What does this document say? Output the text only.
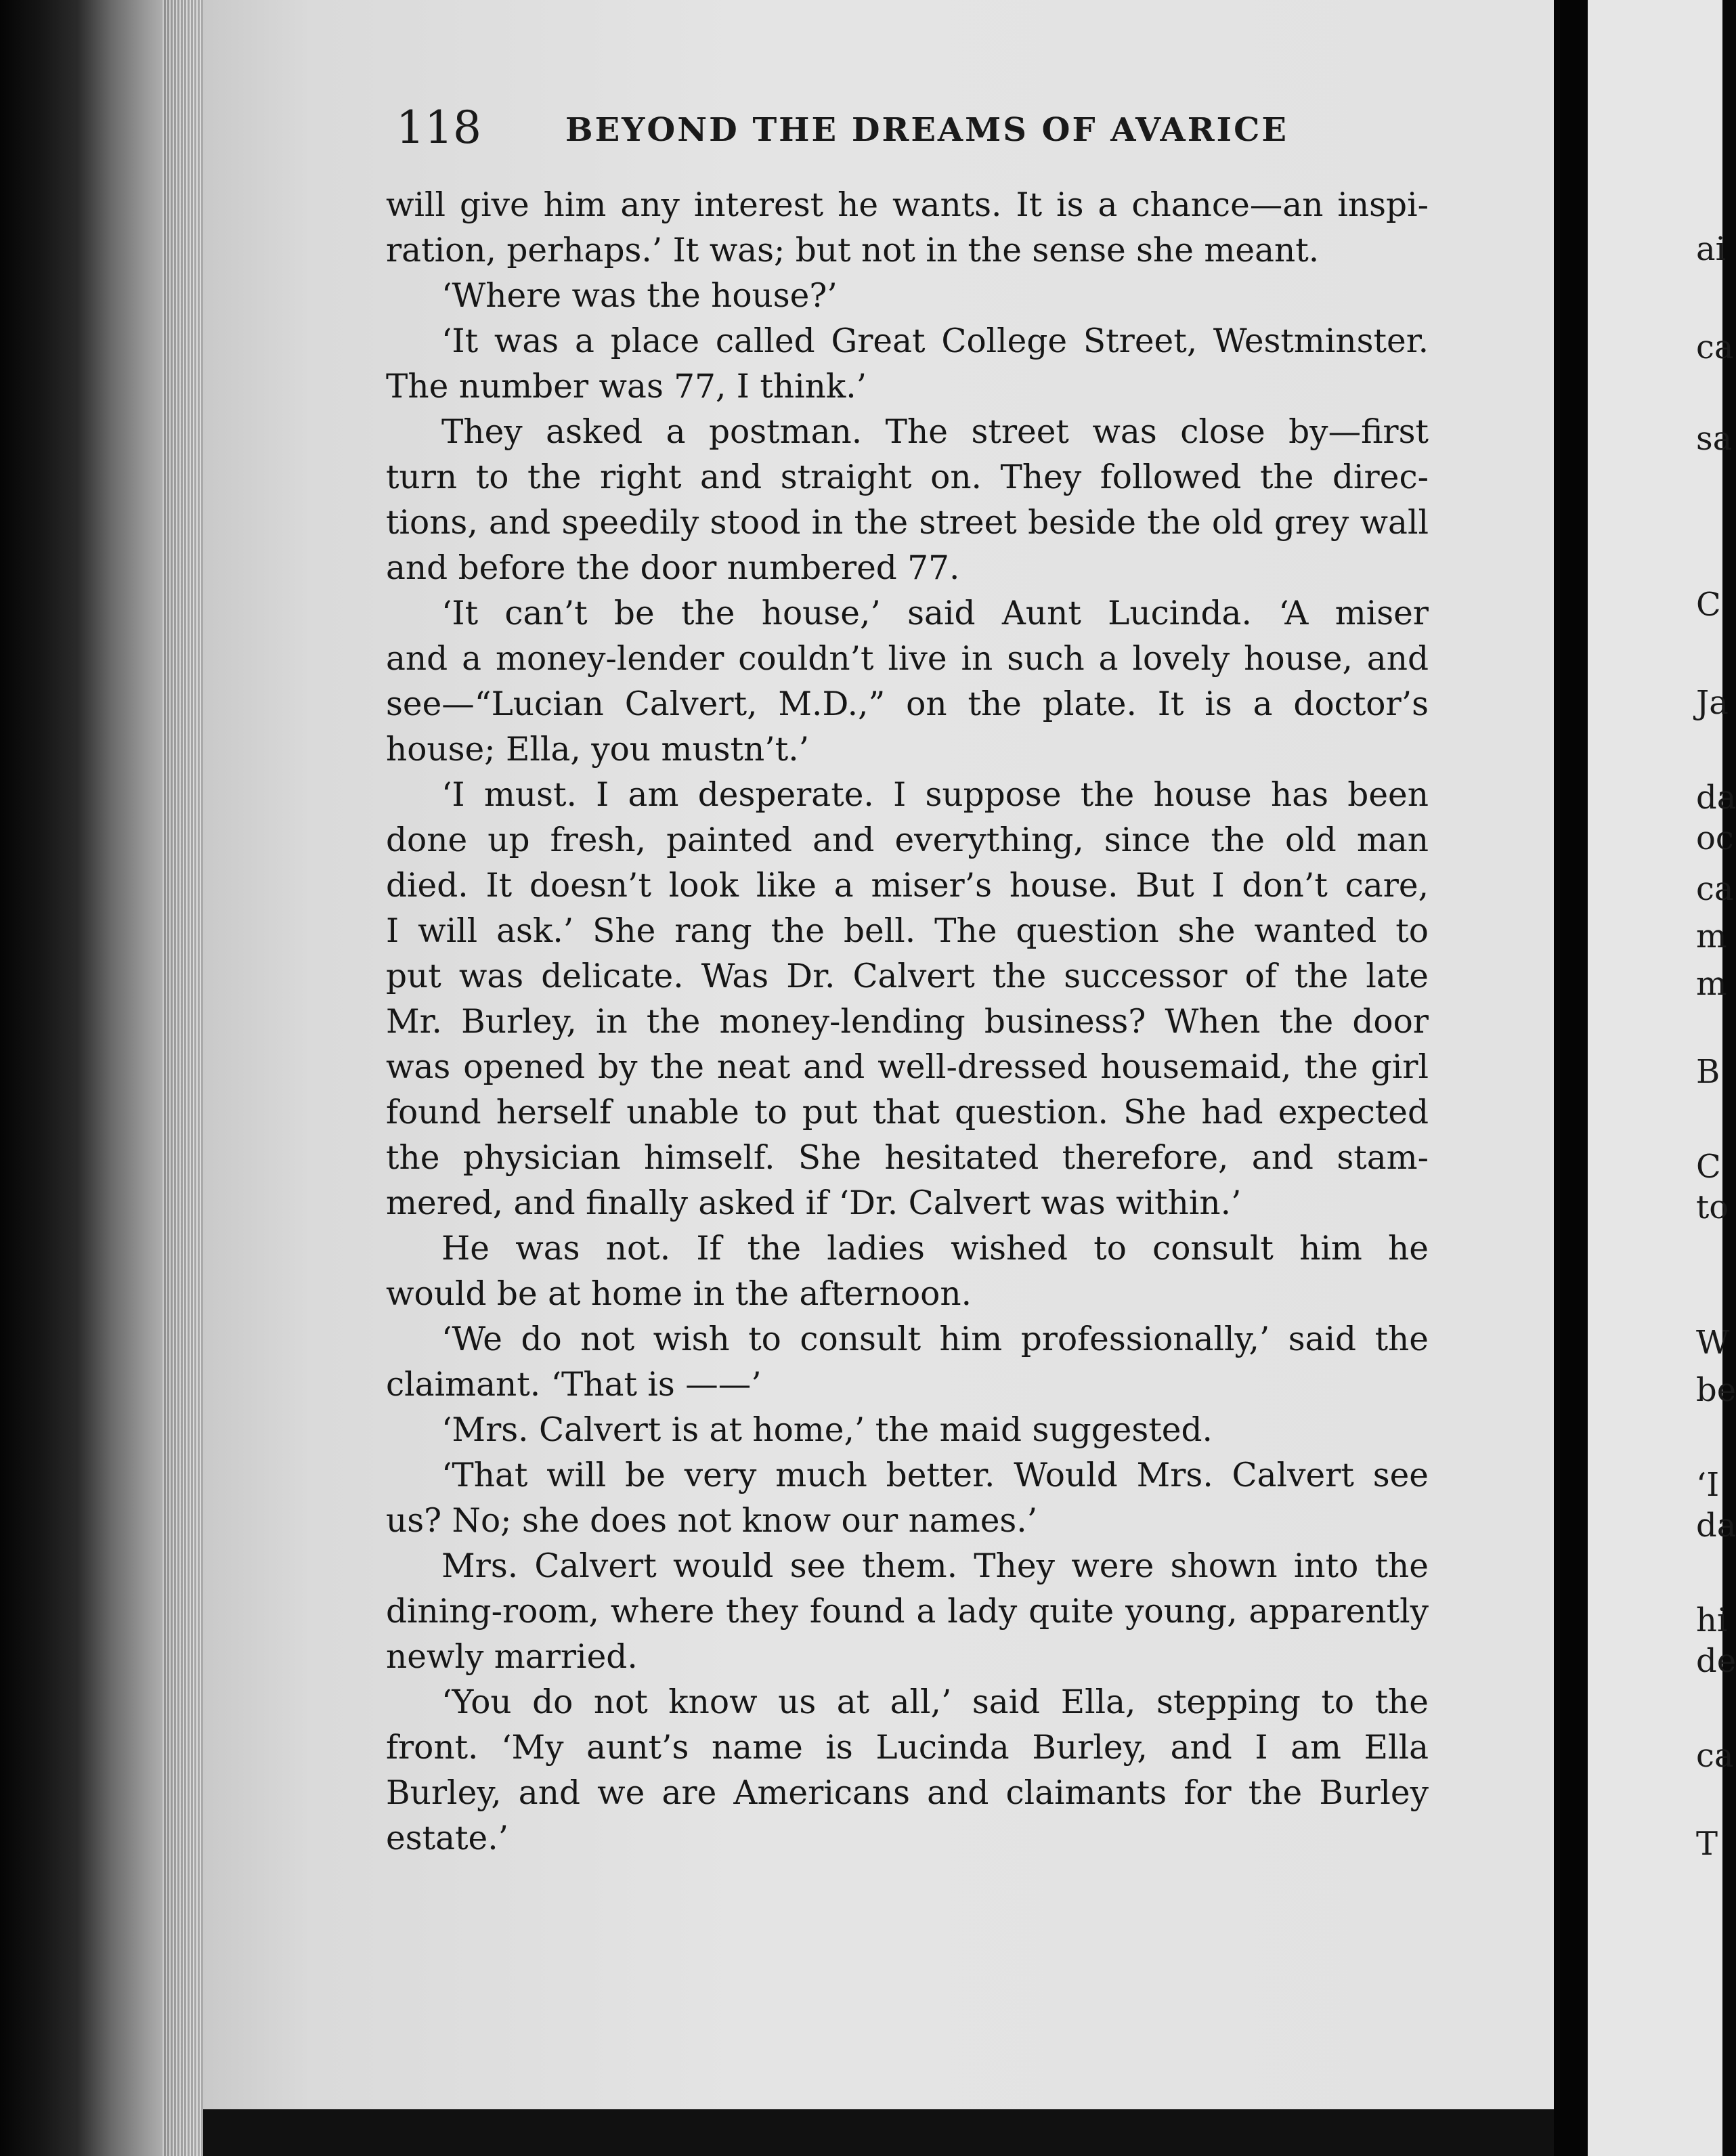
118	BEYOND THE DREAMS OF AVARICE

will give him any interest he wants. It is a chance—an inspi-
ration, perhaps.’ It was; but not in the sense she meant.

‘Where was the house?’

‘It was a place called Great College Street, Westminster.
The number was 77, I think.’

They asked a postman. The street was close by—first
turn to the right and straight on. They followed the direc-
tions, and speedily stood in the street beside the old grey wall
and before the door numbered 77.

‘It can’t be the house,’ said Aunt Lucinda. ‘A miser
and a money-lender couldn’t live in such a lovely house, and
see—“Lucian Calvert, M.D.,” on the plate. It is a doctor’s
house; Ella, you mustn’t.’

‘I must. I am desperate. I suppose the house has been
done up fresh, painted and everything, since the old man
died. It doesn’t look like a miser’s house. But I don’t care,
I will ask.’ She rang the bell. The question she wanted to
put was delicate. Was Dr. Calvert the successor of the late
Mr. Burley, in the money-lending business? When the door
was opened by the neat and well-dressed housemaid, the girl
found herself unable to put that question. She had expected
the physician himself. She hesitated therefore, and stam-
mered, and finally asked if ‘Dr. Calvert was within.’

He was not. If the ladies wished to consult him he
would be at home in the afternoon.

‘We do not wish to consult him professionally,’ said the
claimant. ‘That is ——’

‘Mrs. Calvert is at home,’ the maid suggested.

‘That will be very much better. Would Mrs. Calvert see
us? No; she does not know our names.’

Mrs. Calvert would see them. They were shown into the
dining-room, where they found a lady quite young, apparently
newly married.

‘You do not know us at all,’ said Ella, stepping to the
front. ‘My aunt’s name is Lucinda Burley, and I am Ella
Burley, and we are Americans and claimants for the Burley
estate.’

ai
ca
sa
C
Ja
da
oc
ca
m
m
B
C
to
W
be
‘I
da
hi
de
ca
T
